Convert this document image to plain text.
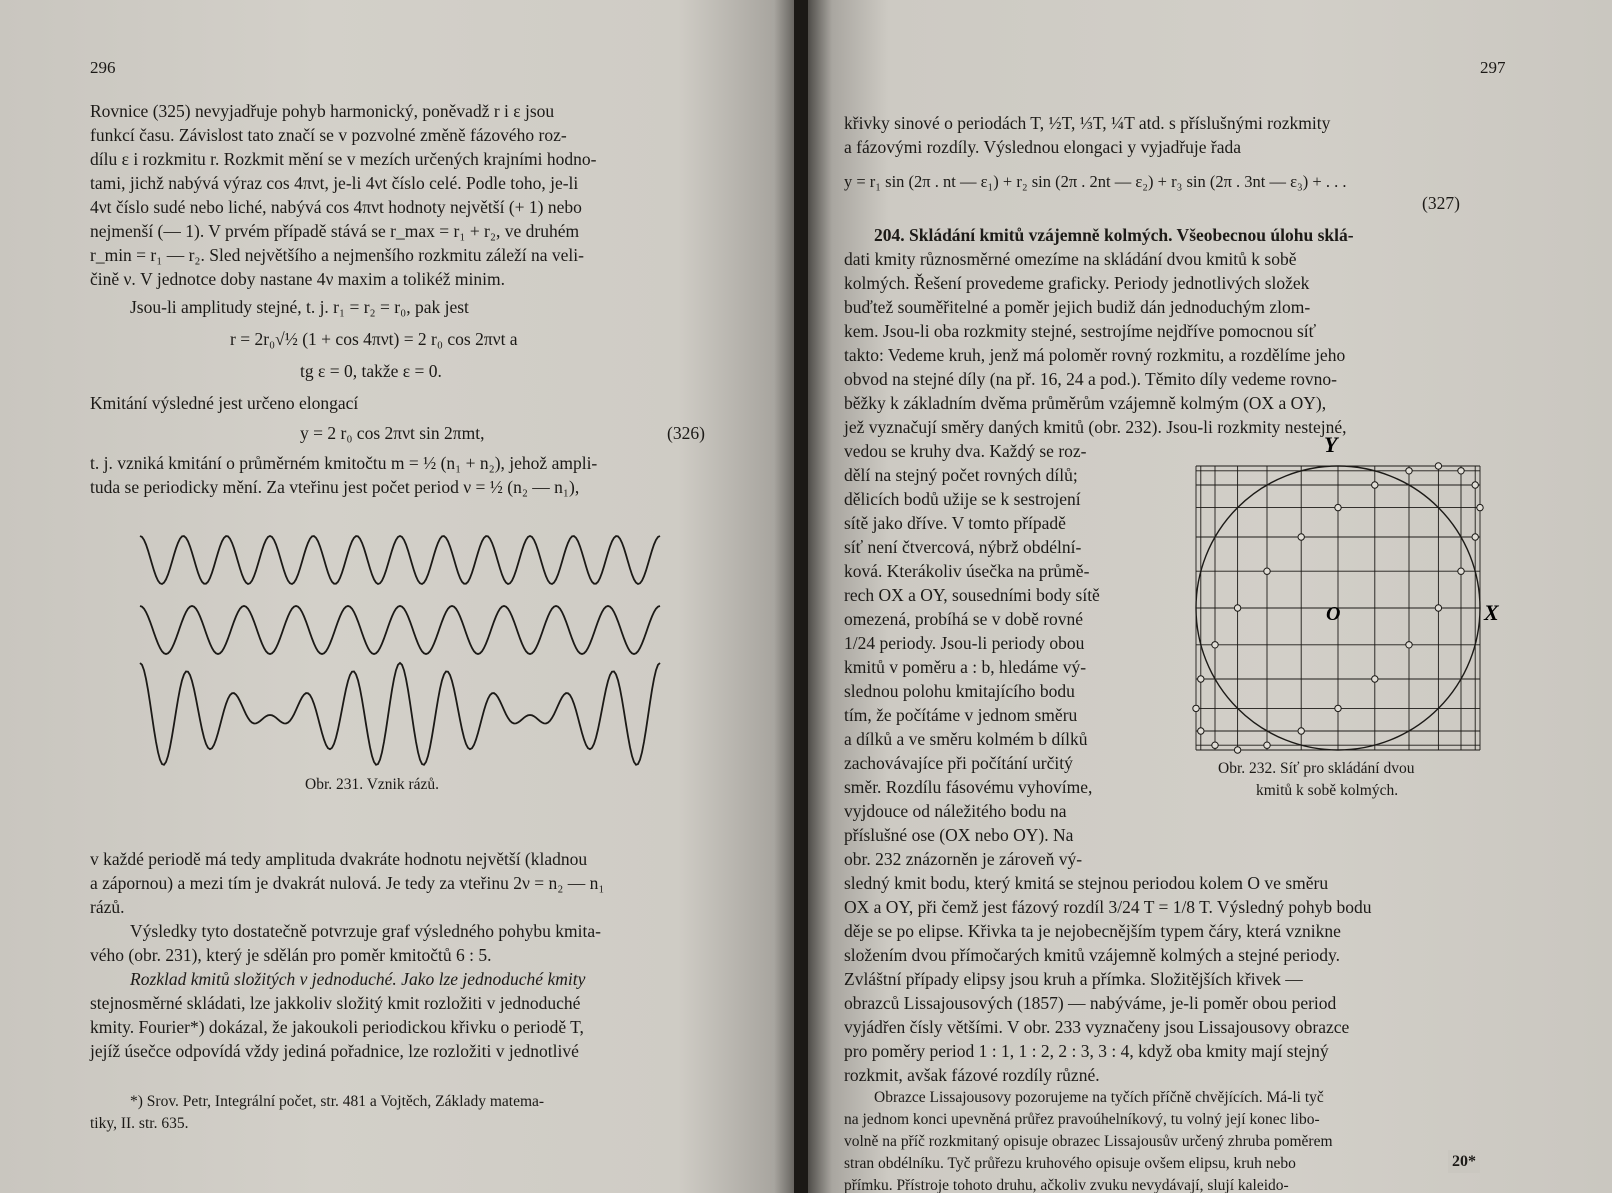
296
Rovnice (325) nevyjadřuje pohyb harmonický, poněvadž r i ε jsou
funkcí času. Závislost tato značí se v pozvolné změně fázového roz-
dílu ε i rozkmitu r. Rozkmit mění se v mezích určených krajními hodno-
tami, jichž nabývá výraz cos 4πνt, je-li 4νt číslo celé. Podle toho, je-li
4νt číslo sudé nebo liché, nabývá cos 4πνt hodnoty největší (+ 1) nebo
nejmenší (— 1). V prvém případě stává se r_max = r₁ + r₂, ve druhém
r_min = r₁ — r₂. Sled největšího a nejmenšího rozkmitu záleží na veli-
čině ν. V jednotce doby nastane 4ν maxim a tolikéž minim.
Jsou-li amplitudy stejné, t. j. r₁ = r₂ = r₀, pak jest
r = 2r₀√½ (1 + cos 4πνt) = 2 r₀ cos 2πνt a
tg ε = 0, takže ε = 0.
Kmitání výsledné jest určeno elongací
y = 2 r₀ cos 2πνt sin 2πmt,	(326)
t. j. vzniká kmitání o průměrném kmitočtu m = ½ (n₁ + n₂), jehož ampli-
tuda se periodicky mění. Za vteřinu jest počet period ν = ½ (n₂ — n₁),
Obr. 231. Vznik rázů.
v každé periodě má tedy amplituda dvakráte hodnotu největší (kladnou
a zápornou) a mezi tím je dvakrát nulová. Je tedy za vteřinu 2ν = n₂ — n₁
rázů.
Výsledky tyto dostatečně potvrzuje graf výsledného pohybu kmita-
vého (obr. 231), který je sdělán pro poměr kmitočtů 6 : 5.
Rozklad kmitů složitých v jednoduché. Jako lze jednoduché kmity
stejnosměrné skládati, lze jakkoliv složitý kmit rozložiti v jednoduché
kmity. Fourier*) dokázal, že jakoukoli periodickou křivku o periodě T,
jejíž úsečce odpovídá vždy jediná pořadnice, lze rozložiti v jednotlivé
*) Srov. Petr, Integrální počet, str. 481 a Vojtěch, Základy matema-
tiky, II. str. 635.
297
křivky sinové o periodách T, ½T, ⅓T, ¼T atd. s příslušnými rozkmity
a fázovými rozdíly. Výslednou elongaci y vyjadřuje řada
y = r₁ sin (2π . nt — ε₁) + r₂ sin (2π . 2nt — ε₂) + r₃ sin (2π . 3nt — ε₃) + . . .
(327)
204. Skládání kmitů vzájemně kolmých. Všeobecnou úlohu sklá-
dati kmity různosměrné omezíme na skládání dvou kmitů k sobě
kolmých. Řešení provedeme graficky. Periody jednotlivých složek
buďtež souměřitelné a poměr jejich budiž dán jednoduchým zlom-
kem. Jsou-li oba rozkmity stejné, sestrojíme nejdříve pomocnou síť
takto: Vedeme kruh, jenž má poloměr rovný rozkmitu, a rozdělíme jeho
obvod na stejné díly (na př. 16, 24 a pod.). Těmito díly vedeme rovno-
běžky k základním dvěma průměrům vzájemně kolmým (OX a OY),
jež vyznačují směry daných kmitů (obr. 232). Jsou-li rozkmity nestejné,
vedou se kruhy dva. Každý se roz-
dělí na stejný počet rovných dílů;
dělicích bodů užije se k sestrojení
sítě jako dříve. V tomto případě
síť není čtvercová, nýbrž obdélní-
ková. Kterákoliv úsečka na průmě-
rech OX a OY, sousedními body sítě
omezená, probíhá se v době rovné
1/24 periody. Jsou-li periody obou
kmitů v poměru a : b, hledáme vý-
slednou polohu kmitajícího bodu
tím, že počítáme v jednom směru
a dílků a ve směru kolmém b dílků
zachovávajíce při počítání určitý
směr. Rozdílu fásovému vyhovíme,
vyjdouce od náležitého bodu na
příslušné ose (OX nebo OY). Na
obr. 232 znázorněn je zároveň vý-
Y
X
O
Obr. 232. Síť pro skládání dvou
kmitů k sobě kolmých.
sledný kmit bodu, který kmitá se stejnou periodou kolem O ve směru
OX a OY, při čemž jest fázový rozdíl 3/24 T = 1/8 T. Výsledný pohyb bodu
děje se po elipse. Křivka ta je nejobecnějším typem čáry, která vznikne
složením dvou přímočarých kmitů vzájemně kolmých a stejné periody.
Zvláštní případy elipsy jsou kruh a přímka. Složitějších křivek —
obrazců Lissajousových (1857) — nabýváme, je-li poměr obou period
vyjádřen čísly většími. V obr. 233 vyznačeny jsou Lissajousovy obrazce
pro poměry period 1 : 1, 1 : 2, 2 : 3, 3 : 4, když oba kmity mají stejný
rozkmit, avšak fázové rozdíly různé.
Obrazce Lissajousovy pozorujeme na tyčích příčně chvějících. Má-li tyč
na jednom konci upevněná průřez pravoúhelníkový, tu volný její konec libo-
volně na příč rozkmitaný opisuje obrazec Lissajousův určený zhruba poměrem
stran obdélníku. Tyč průřezu kruhového opisuje ovšem elipsu, kruh nebo
přímku. Přístroje tohoto druhu, ačkoliv zvuku nevydávají, slují kaleido-
20*
